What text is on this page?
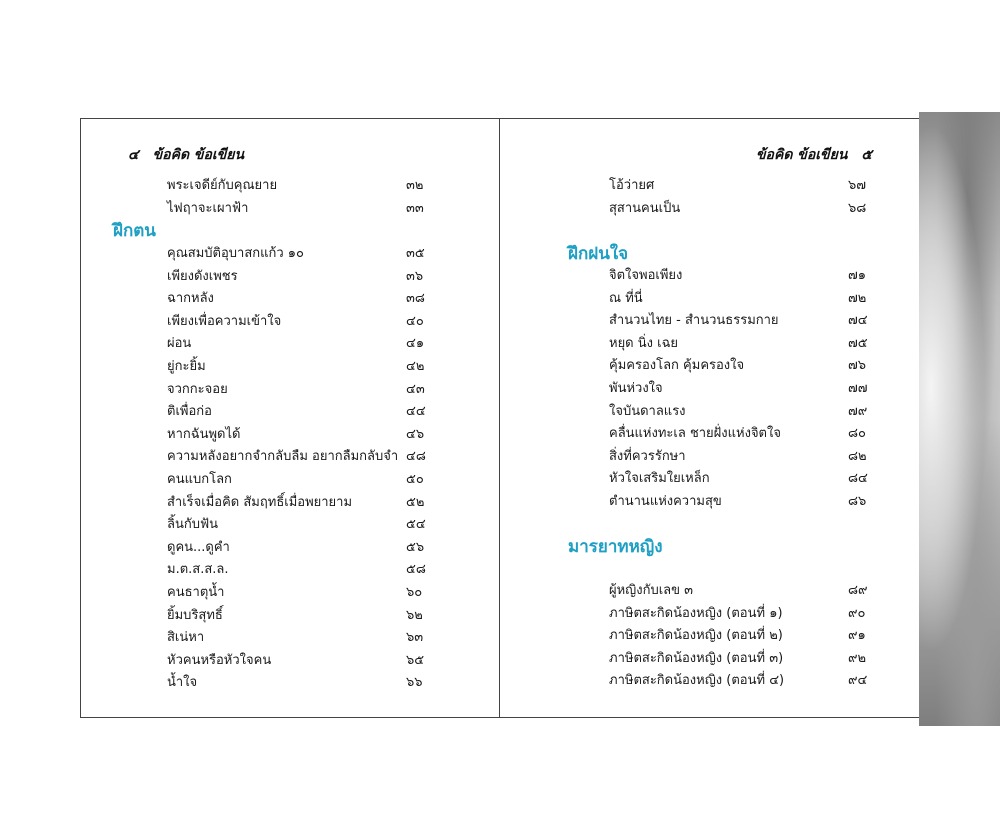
๔ ข้อคิด ข้อเขียน	ข้อคิด ข้อเขียน ๕
ฝึกตน
ฝึกฝนใจ
มารยาทหญิง
พระเจดีย์กับคุณยาย	๓๒
ไฟฤาจะเผาฟ้า	๓๓
คุณสมบัติอุบาสกแก้ว ๑๐	๓๕
เพียงดังเพชร	๓๖
ฉากหลัง	๓๘
เพียงเพื่อความเข้าใจ	๔๐
ผ่อน	๔๑
ยู่กะยิ้ม	๔๒
จวกกะจอย	๔๓
ติเพื่อก่อ	๔๔
หากฉันพูดได้	๔๖
ความหลังอยากจำกลับลืม อยากลืมกลับจำ ๔๘
คนแบกโลก	๕๐
สำเร็จเมื่อคิด สัมฤทธิ์เมื่อพยายาม	๕๒
ลิ้นกับฟัน	๕๔
ดูคน...ดูคำ	๕๖
ม.ต.ส.ส.ล.	๕๘
คนธาตุน้ำ	๖๐
ยิ้มบริสุทธิ์	๖๒
สิเน่หา	๖๓
หัวคนหรือหัวใจคน	๖๕
น้ำใจ	๖๖
โอ้ว่ายศ	๖๗
สุสานคนเป็น	๖๘
จิตใจพอเพียง	๗๑
ณ ที่นี่	๗๒
สำนวนไทย - สำนวนธรรมกาย	๗๔
หยุด นิ่ง เฉย	๗๕
คุ้มครองโลก คุ้มครองใจ	๗๖
พันห่วงใจ	๗๗
ใจบันดาลแรง	๗๙
คลื่นแห่งทะเล ชายฝั่งแห่งจิตใจ	๘๐
สิ่งที่ควรรักษา	๘๒
หัวใจเสริมใยเหล็ก	๘๔
ตำนานแห่งความสุข	๘๖
ผู้หญิงกับเลข ๓	๘๙
ภาษิตสะกิดน้องหญิง (ตอนที่ ๑)	๙๐
ภาษิตสะกิดน้องหญิง (ตอนที่ ๒)	๙๑
ภาษิตสะกิดน้องหญิง (ตอนที่ ๓)	๙๒
ภาษิตสะกิดน้องหญิง (ตอนที่ ๔)	๙๔
